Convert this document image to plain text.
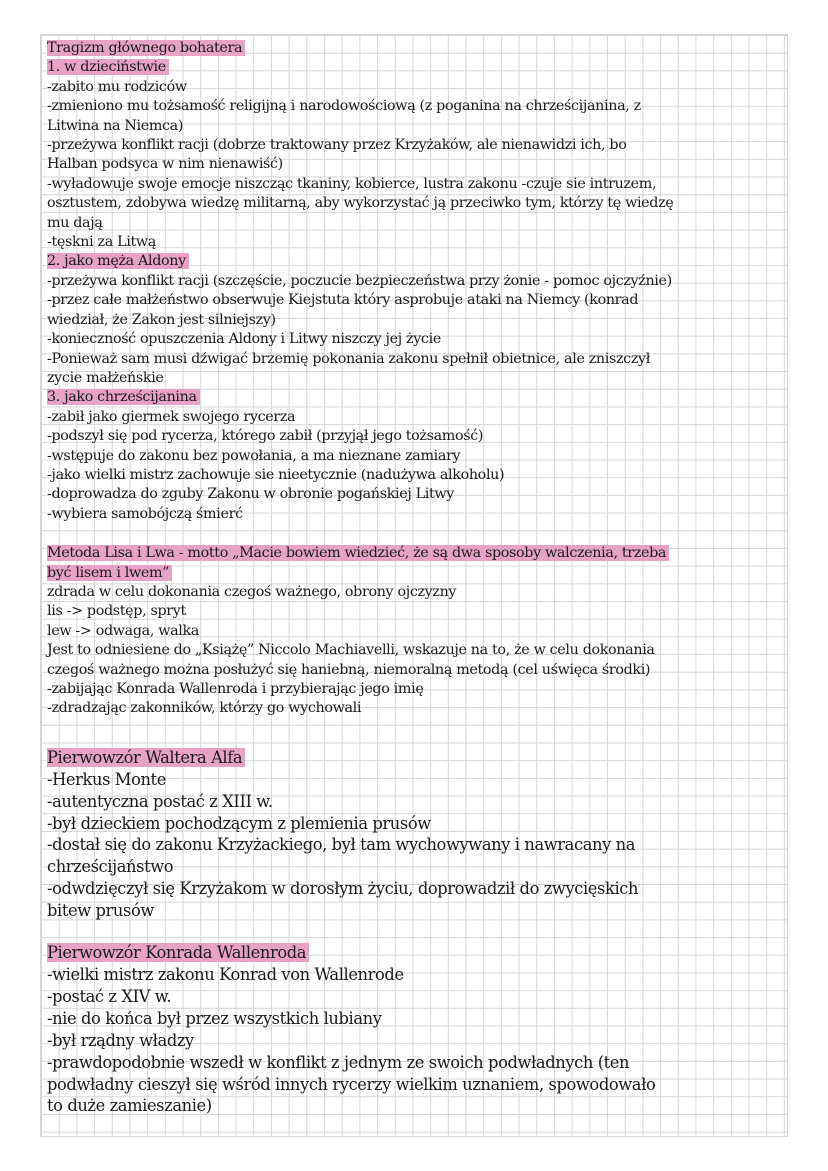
Tragizm głównego bohatera
1. w dzieciństwie
-zabito mu rodziców
-zmieniono mu tożsamość religijną i narodowościową (z poganina na chrześcijanina, z
Litwina na Niemca)
-przeżywa konflikt racji (dobrze traktowany przez Krzyżaków, ale nienawidzi ich, bo
Halban podsyca w nim nienawiść)
-wyładowuje swoje emocje niszcząc tkaniny, kobierce, lustra zakonu -czuje sie intruzem,
osztustem, zdobywa wiedzę militarną, aby wykorzystać ją przeciwko tym, którzy tę wiedzę
mu dają
-tęskni za Litwą
2. jako męża Aldony
-przeżywa konflikt racji (szczęście, poczucie bezpieczeństwa przy żonie - pomoc ojczyźnie)
-przez całe małżeństwo obserwuje Kiejstuta który asprobuje ataki na Niemcy (konrad
wiedział, że Zakon jest silniejszy)
-konieczność opuszczenia Aldony i Litwy niszczy jej życie
-Ponieważ sam musi dźwigać brzemię pokonania zakonu spełnił obietnice, ale zniszczył
zycie małżeńskie
3. jako chrześcijanina
-zabił jako giermek swojego rycerza
-podszył się pod rycerza, którego zabił (przyjął jego tożsamość)
-wstępuje do zakonu bez powołania, a ma nieznane zamiary
-jako wielki mistrz zachowuje sie nieetycznie (nadużywa alkoholu)
-doprowadza do zguby Zakonu w obronie pogańskiej Litwy
-wybiera samobójczą śmierć
Metoda Lisa i Lwa - motto „Macie bowiem wiedzieć, że są dwa sposoby walczenia, trzeba
być lisem i lwem”
zdrada w celu dokonania czegoś ważnego, obrony ojczyzny
lis -> podstęp, spryt
lew -> odwaga, walka
Jest to odniesiene do „Książę” Niccolo Machiavelli, wskazuje na to, że w celu dokonania
czegoś ważnego można posłużyć się haniebną, niemoralną metodą (cel uświęca środki)
-zabijając Konrada Wallenroda i przybierając jego imię
-zdradzając zakonników, którzy go wychowali
Pierwowzór Waltera Alfa
-Herkus Monte
-autentyczna postać z XIII w.
-był dzieckiem pochodzącym z plemienia prusów
-dostał się do zakonu Krzyżackiego, był tam wychowywany i nawracany na
chrześcijaństwo
-odwdzięczył się Krzyżakom w dorosłym życiu, doprowadził do zwycięskich
bitew prusów
Pierwowzór Konrada Wallenroda
-wielki mistrz zakonu Konrad von Wallenrode
-postać z XIV w.
-nie do końca był przez wszystkich lubiany
-był rządny władzy
-prawdopodobnie wszedł w konflikt z jednym ze swoich podwładnych (ten
podwładny cieszył się wśród innych rycerzy wielkim uznaniem, spowodowało
to duże zamieszanie)
